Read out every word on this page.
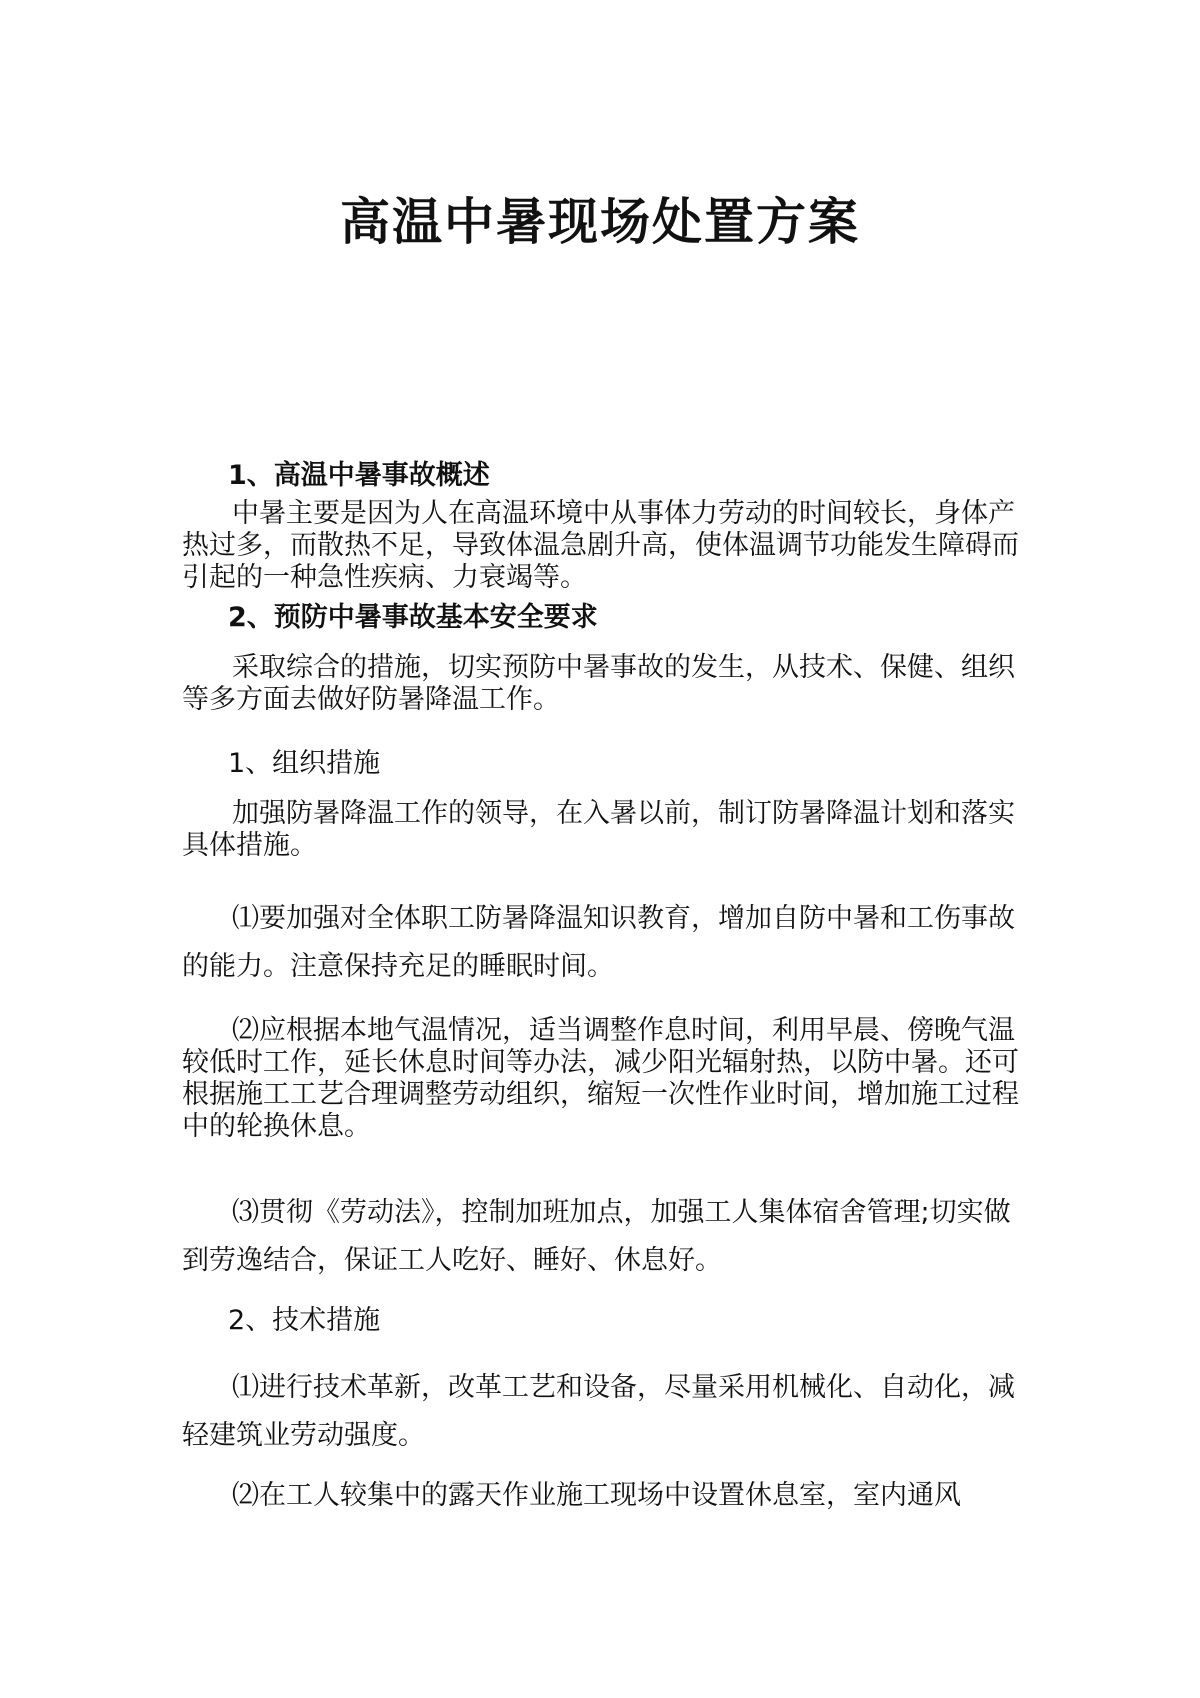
高温中暑现场处置方案
1、高温中暑事故概述
中暑主要是因为人在高温环境中从事体力劳动的时间较长，身体产热过多，而散热不足，导致体温急剧升高，使体温调节功能发生障碍而引起的一种急性疾病、力衰竭等。
2、预防中暑事故基本安全要求
采取综合的措施，切实预防中暑事故的发生，从技术、保健、组织等多方面去做好防暑降温工作。
1、组织措施
加强防暑降温工作的领导，在入暑以前，制订防暑降温计划和落实具体措施。
⑴要加强对全体职工防暑降温知识教育，增加自防中暑和工伤事故的能力。注意保持充足的睡眠时间。
⑵应根据本地气温情况，适当调整作息时间，利用早晨、傍晚气温较低时工作，延长休息时间等办法，减少阳光辐射热，以防中暑。还可根据施工工艺合理调整劳动组织，缩短一次性作业时间，增加施工过程中的轮换休息。
⑶贯彻《劳动法》，控制加班加点，加强工人集体宿舍管理;切实做到劳逸结合，保证工人吃好、睡好、休息好。
2、技术措施
⑴进行技术革新，改革工艺和设备，尽量采用机械化、自动化，减轻建筑业劳动强度。
⑵在工人较集中的露天作业施工现场中设置休息室，室内通风
